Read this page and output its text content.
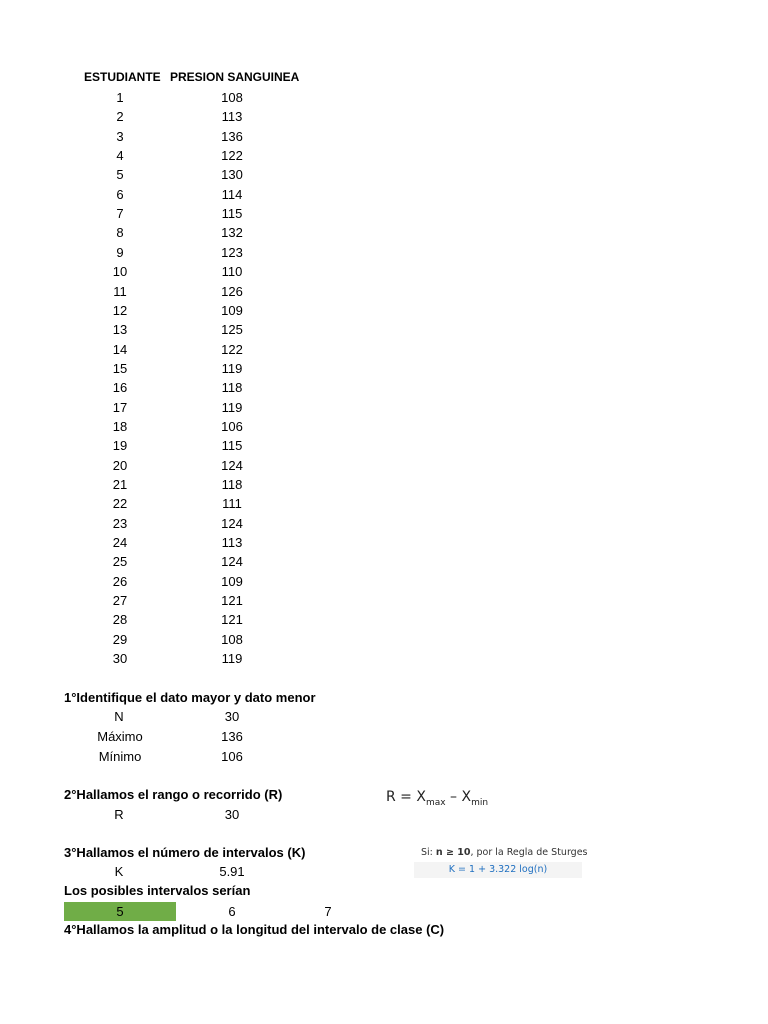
ESTUDIANTE PRESION SANGUINEA
1	108
2	113
3	136
4	122
5	130
6	114
7	115
8	132
9	123
10	110
11	126
12	109
13	125
14	122
15	119
16	118
17	119
18	106
19	115
20	124
21	118
22	111
23	124
24	113
25	124
26	109
27	121
28	121
29	108
30	119
1°Identifique el dato mayor y dato menor
N	30
Máximo	136
Mínimo	106
2°Hallamos el rango o recorrido (R)
R	30
$R = X_{max} - X_{min}$
3°Hallamos el número de intervalos (K)
K	5.91
Si: n ≥ 10, por la Regla de Sturges
K = 1 + 3.322 log(n)
Los posibles intervalos serían
5	6	7
4°Hallamos la amplitud o la longitud del intervalo de clase (C)
